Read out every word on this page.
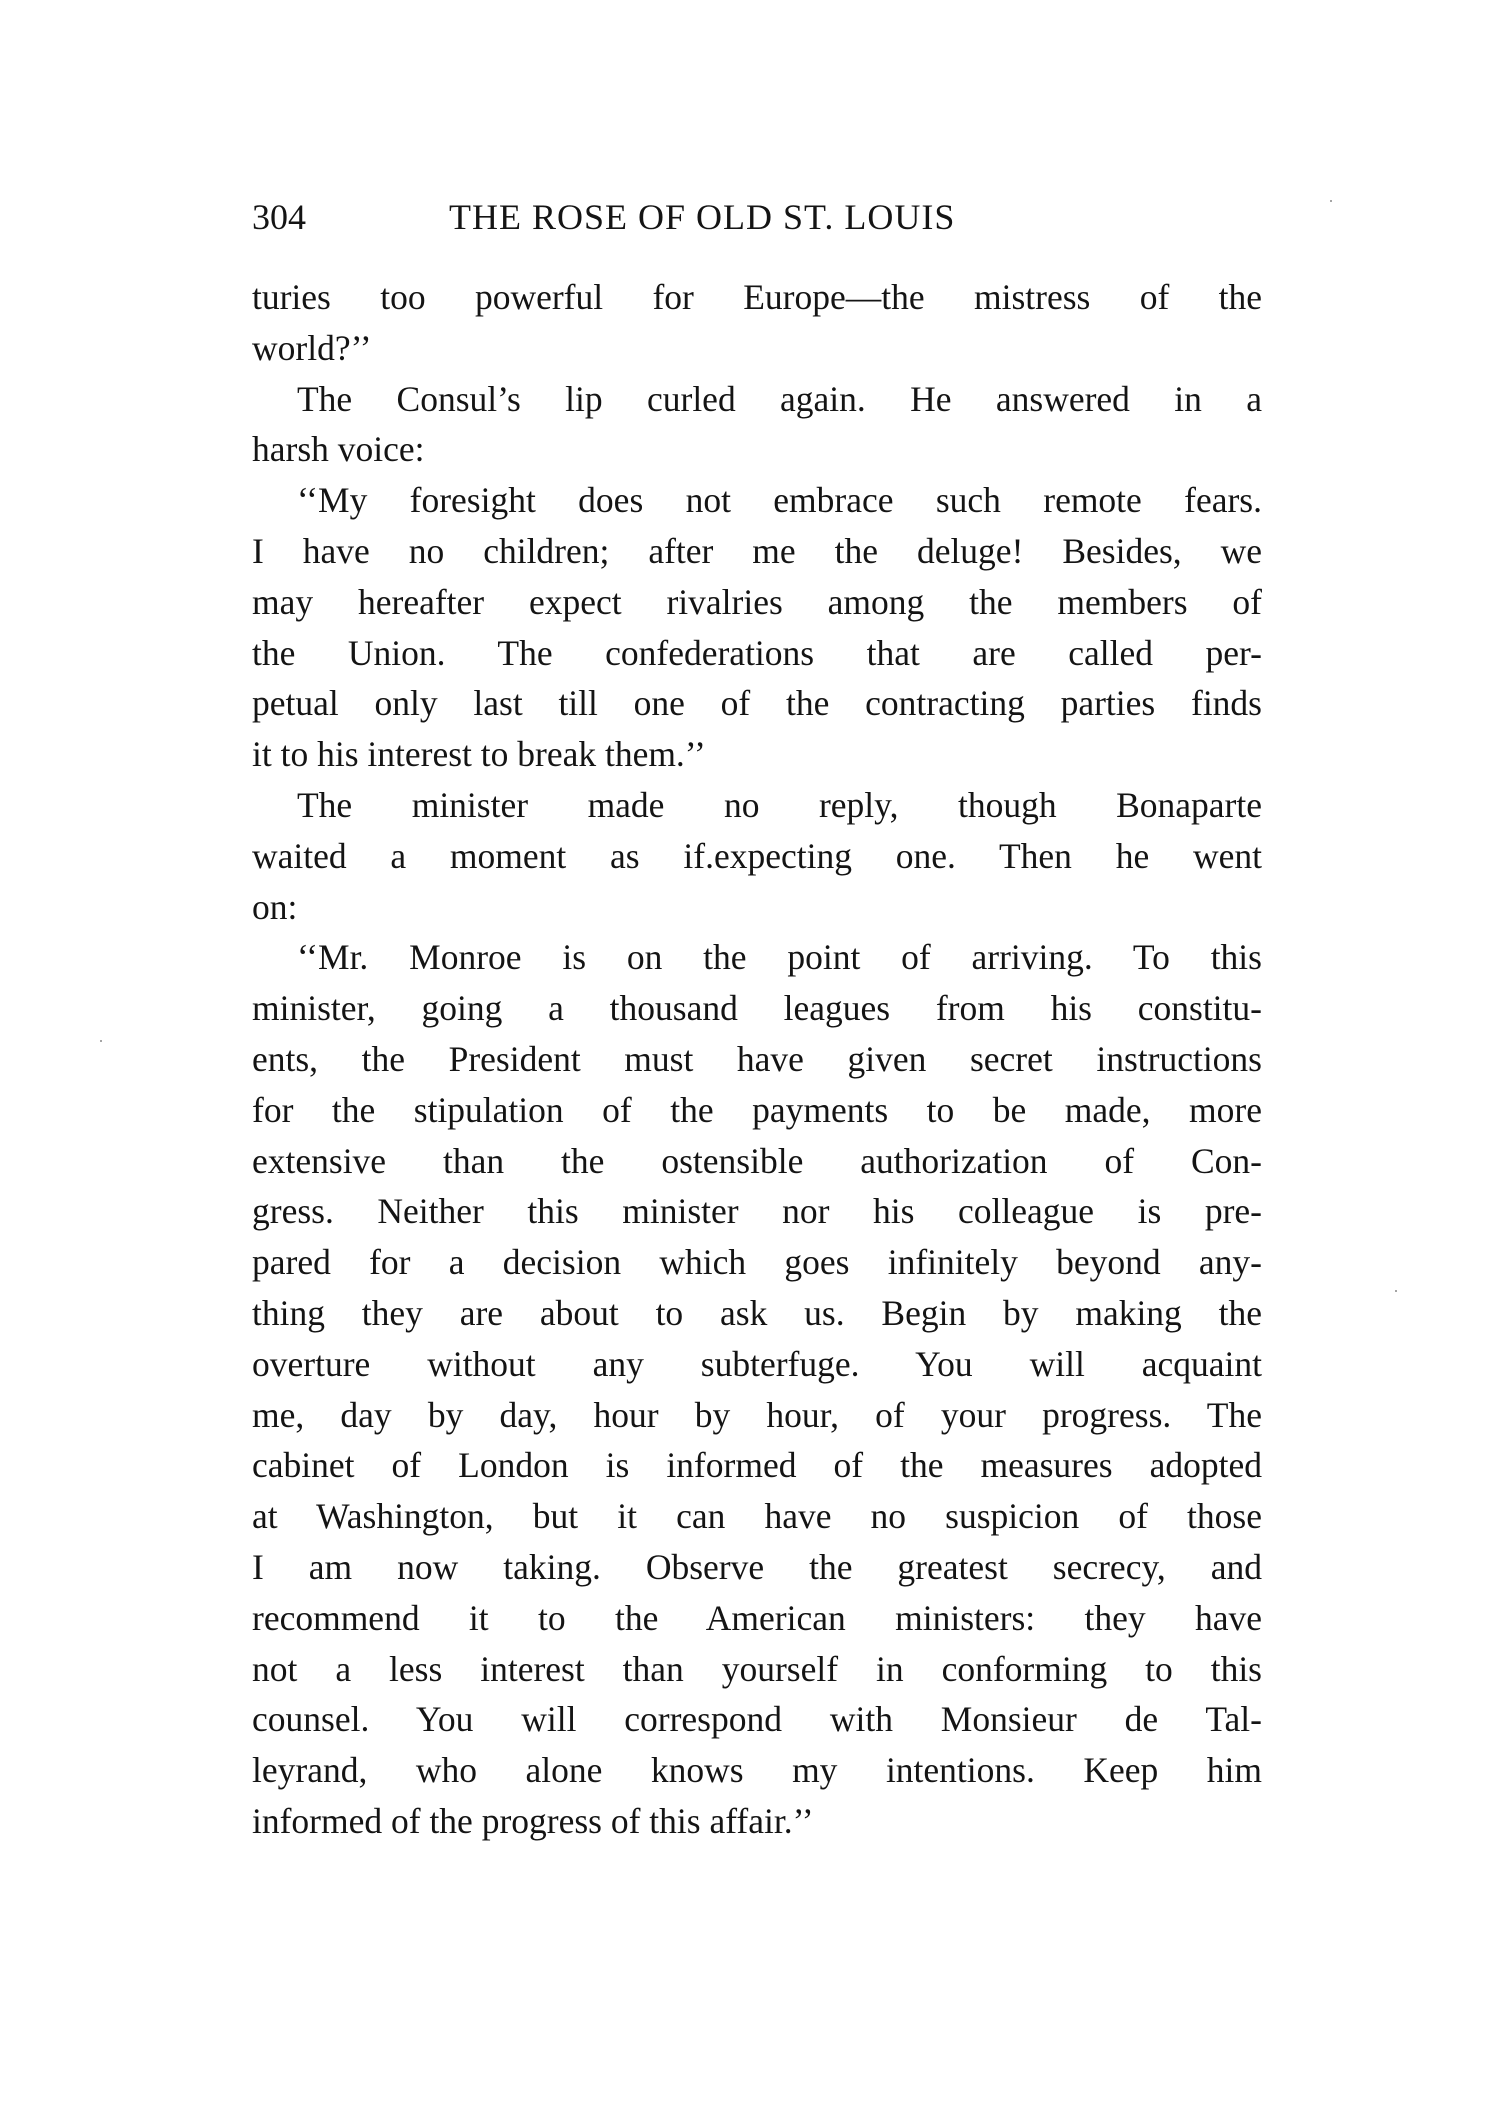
304	THE ROSE OF OLD ST. LOUIS
turies too powerful for Europe—the mistress of the
world?’’
The Consul’s lip curled again. He answered in a
harsh voice:
‘‘My foresight does not embrace such remote fears.
I have no children; after me the deluge! Besides, we
may hereafter expect rivalries among the members of
the Union. The confederations that are called per-
petual only last till one of the contracting parties finds
it to his interest to break them.’’
The minister made no reply, though Bonaparte
waited a moment as if.expecting one. Then he went
on:
‘‘Mr. Monroe is on the point of arriving. To this
minister, going a thousand leagues from his constitu-
ents, the President must have given secret instructions
for the stipulation of the payments to be made, more
extensive than the ostensible authorization of Con-
gress. Neither this minister nor his colleague is pre-
pared for a decision which goes infinitely beyond any-
thing they are about to ask us. Begin by making the
overture without any subterfuge. You will acquaint
me, day by day, hour by hour, of your progress. The
cabinet of London is informed of the measures adopted
at Washington, but it can have no suspicion of those
I am now taking. Observe the greatest secrecy, and
recommend it to the American ministers: they have
not a less interest than yourself in conforming to this
counsel. You will correspond with Monsieur de Tal-
leyrand, who alone knows my intentions. Keep him
informed of the progress of this affair.’’
